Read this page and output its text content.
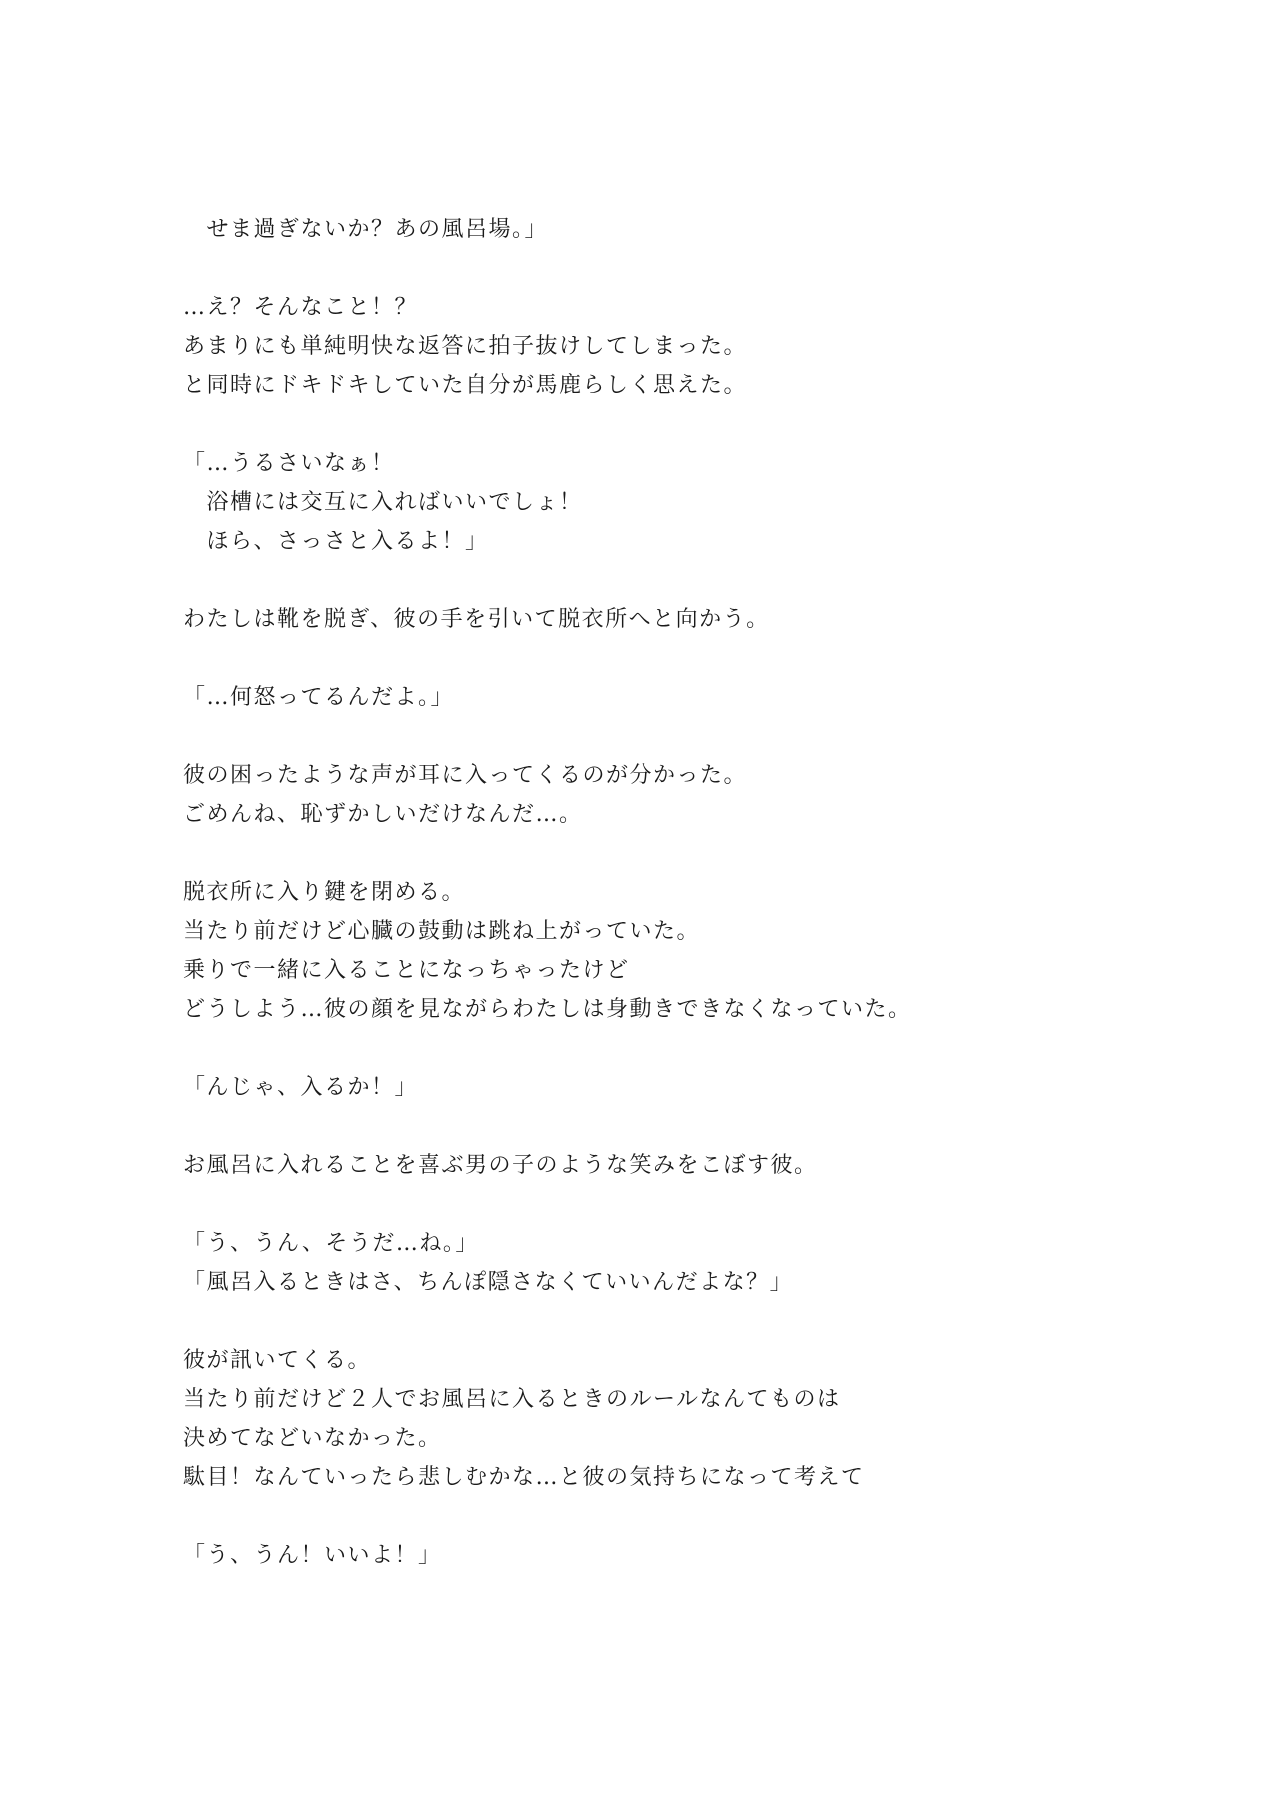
　せま過ぎないか？あの風呂場。」
…え？そんなこと！？
あまりにも単純明快な返答に拍子抜けしてしまった。
と同時にドキドキしていた自分が馬鹿らしく思えた。
「…うるさいなぁ！
　浴槽には交互に入ればいいでしょ！
　ほら、さっさと入るよ！」
わたしは靴を脱ぎ、彼の手を引いて脱衣所へと向かう。
「…何怒ってるんだよ。」
彼の困ったような声が耳に入ってくるのが分かった。
ごめんね、恥ずかしいだけなんだ…。
脱衣所に入り鍵を閉める。
当たり前だけど心臓の鼓動は跳ね上がっていた。
乗りで一緒に入ることになっちゃったけど
どうしよう…彼の顔を見ながらわたしは身動きできなくなっていた。
「んじゃ、入るか！」
お風呂に入れることを喜ぶ男の子のような笑みをこぼす彼。
「う、うん、そうだ…ね。」
「風呂入るときはさ、ちんぽ隠さなくていいんだよな？」
彼が訊いてくる。
当たり前だけど２人でお風呂に入るときのルールなんてものは
決めてなどいなかった。
駄目！なんていったら悲しむかな…と彼の気持ちになって考えて
「う、うん！いいよ！」
